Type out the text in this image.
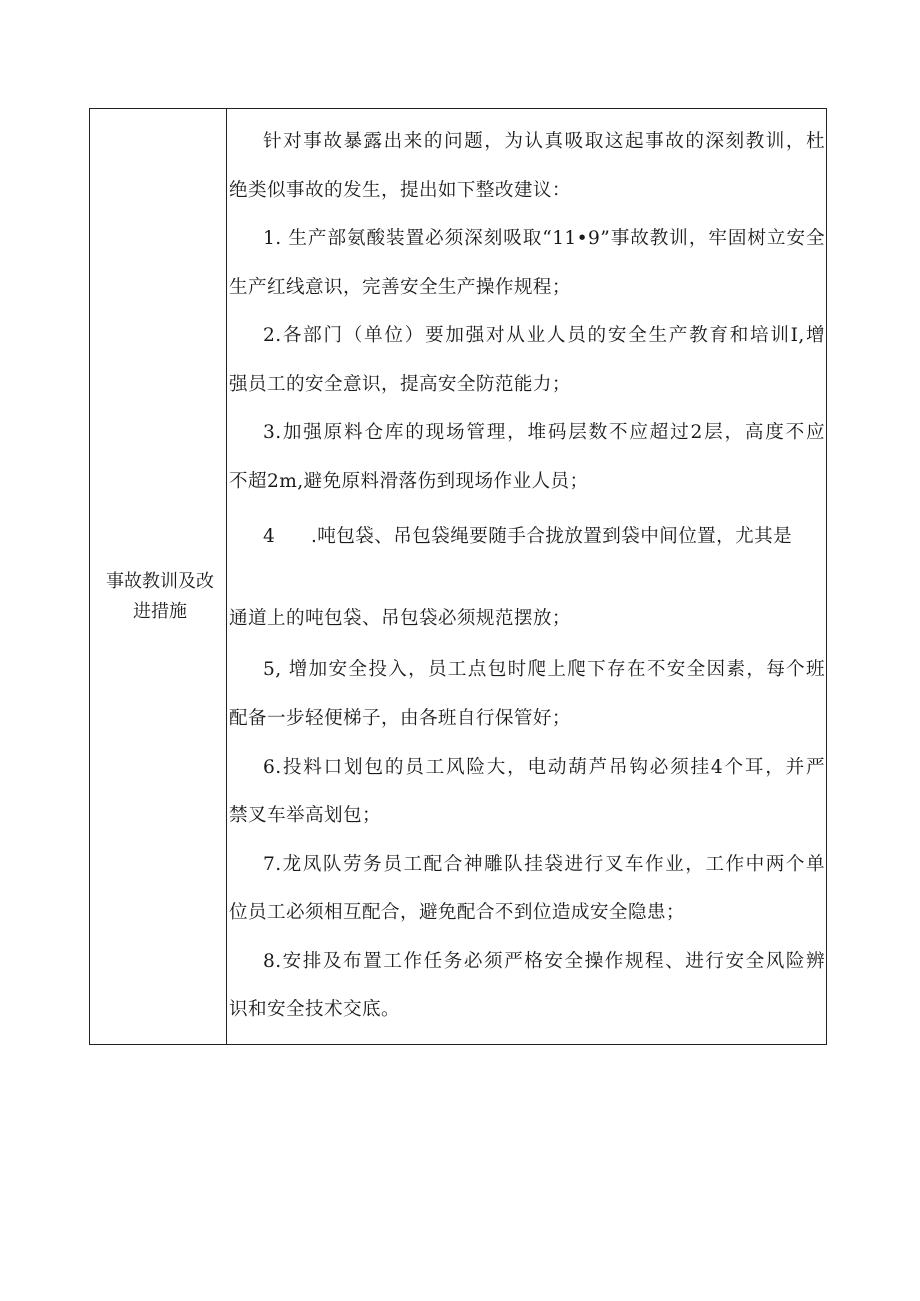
事故教训及改
进措施
针对事故暴露出来的问题，为认真吸取这起事故的深刻教训，杜
绝类似事故的发生，提出如下整改建议：
1. 生产部氨酸装置必须深刻吸取“11•9”事故教训，牢固树立安全
生产红线意识，完善安全生产操作规程；
2.各部门（单位）要加强对从业人员的安全生产教育和培训I,增
强员工的安全意识，提高安全防范能力；
3.加强原料仓库的现场管理，堆码层数不应超过2层，高度不应
不超2m,避免原料滑落伤到现场作业人员；
4 .吨包袋、吊包袋绳要随手合拢放置到袋中间位置，尤其是
通道上的吨包袋、吊包袋必须规范摆放；
5, 增加安全投入，员工点包时爬上爬下存在不安全因素，每个班
配备一步轻便梯子，由各班自行保管好；
6.投料口划包的员工风险大，电动葫芦吊钩必须挂4个耳，并严
禁叉车举高划包；
7.龙凤队劳务员工配合神雕队挂袋进行叉车作业，工作中两个单
位员工必须相互配合，避免配合不到位造成安全隐患；
8.安排及布置工作任务必须严格安全操作规程、进行安全风险辨
识和安全技术交底。
